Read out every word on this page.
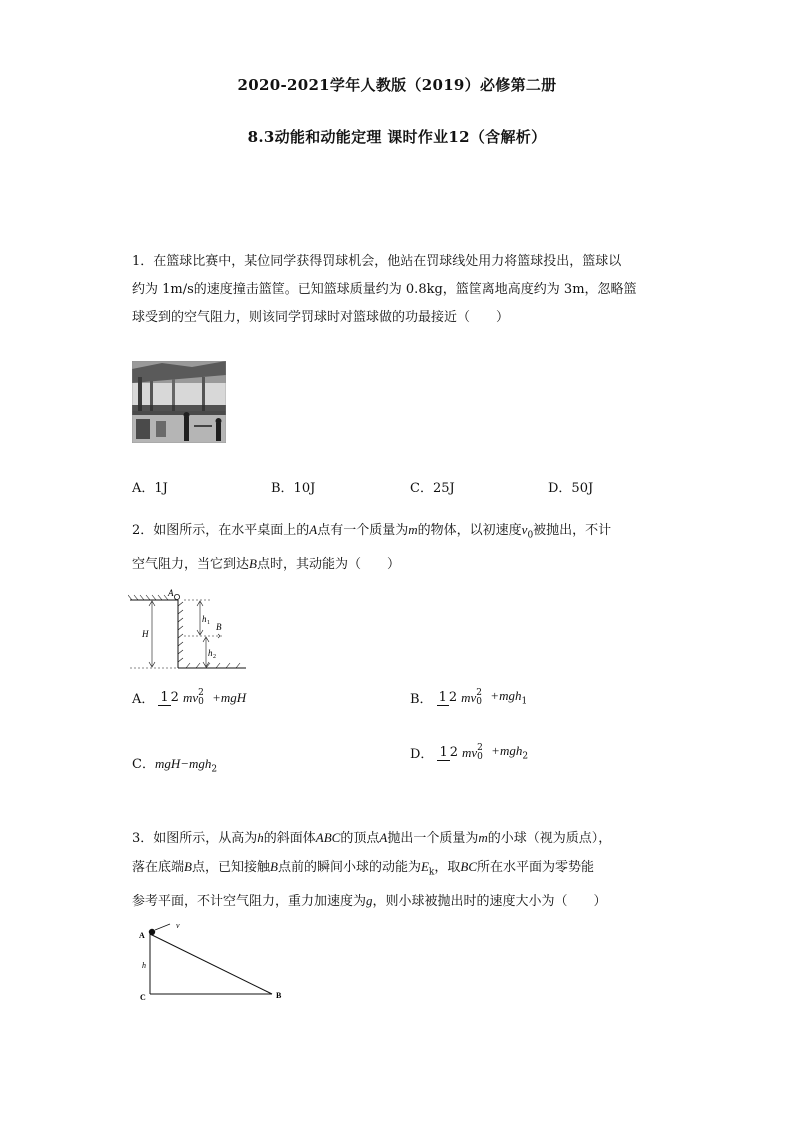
2020-2021学年人教版（2019）必修第二册
8.3动能和动能定理 课时作业12（含解析）
1．在篮球比赛中，某位同学获得罚球机会，他站在罚球线处用力将篮球投出，篮球以
约为 1m/s的速度撞击篮筐。已知篮球质量约为 0.8kg，篮筐离地高度约为 3m，忽略篮
球受到的空气阻力，则该同学罚球时对篮球做的功最接近（　　）
A．1J	B．10J	C．25J	D．50J
2．如图所示，在水平桌面上的A点有一个质量为m的物体，以初速度$v_0$被抛出，不计
空气阻力，当它到达B点时，其动能为（　　）
A
B
H
h 1
h 2
A． 1 2 mv 2
0 +mgH	B． 1 2 mv 2
0 +mgh$_1$
C．mgH−mgh$_2$
D． 1 2 mv 2
0 +mgh$_2$
3．如图所示，从高为h的斜面体ABC的顶点A抛出一个质量为m的小球（视为质点），
落在底端B点，已知接触B点前的瞬间小球的动能为$E_k$，取BC所在水平面为零势能
参考平面，不计空气阻力，重力加速度为g，则小球被抛出时的速度大小为（　　）
A
v
h
C	B
